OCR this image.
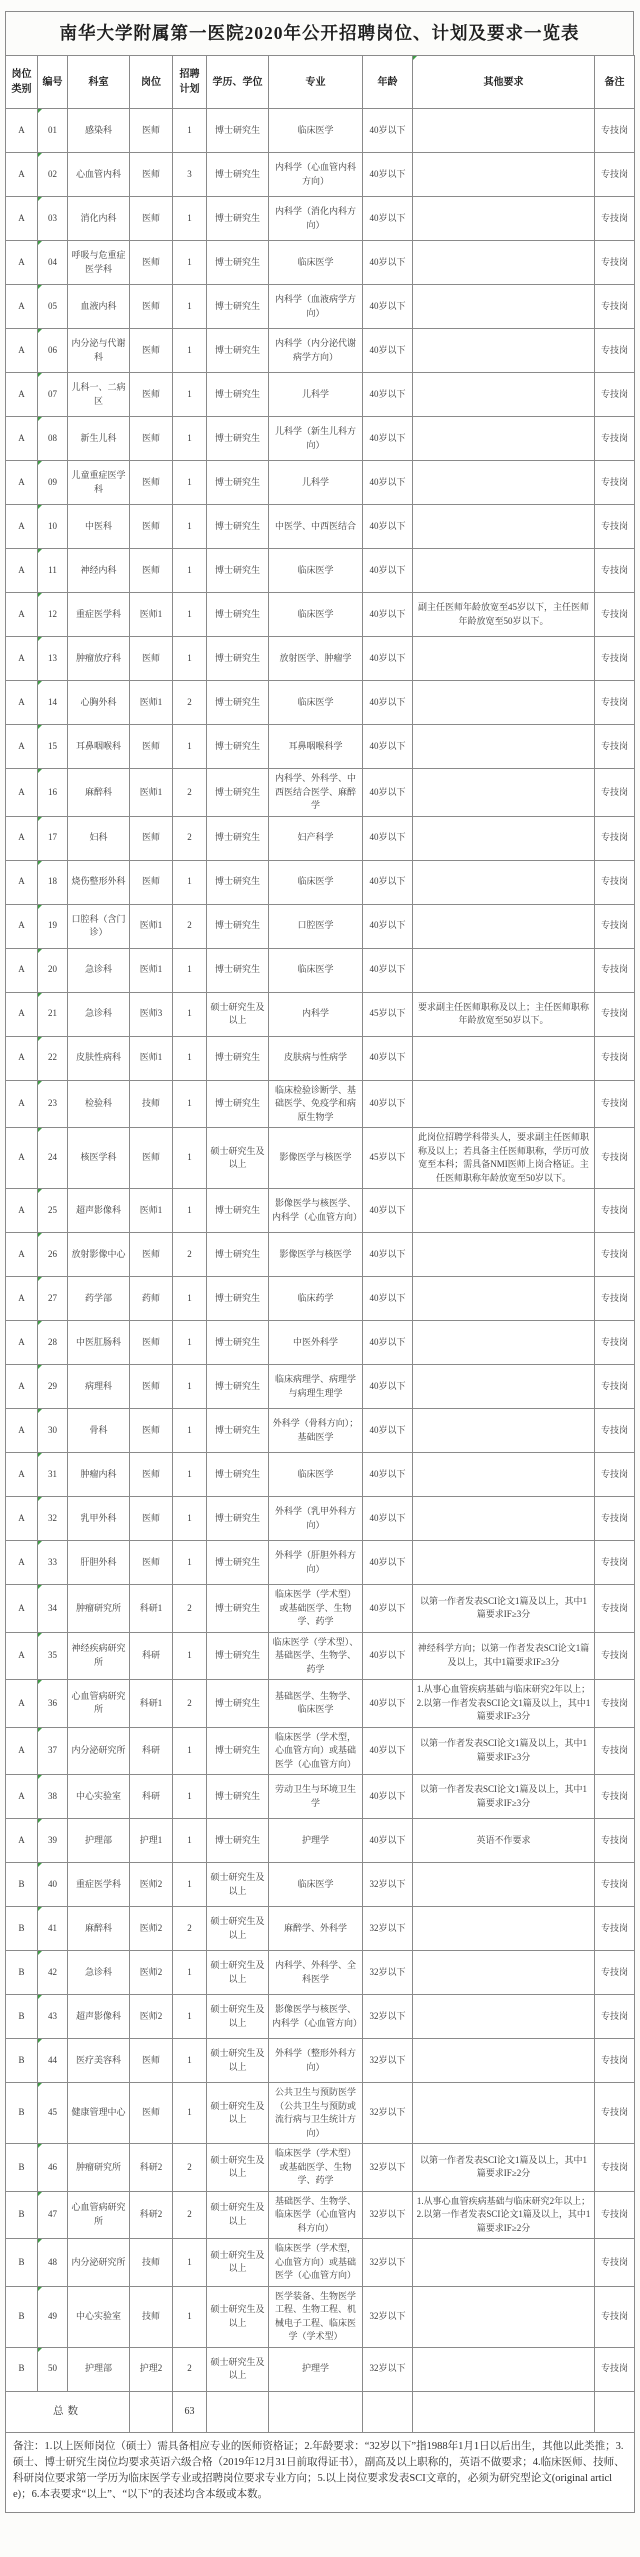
南华大学附属第一医院2020年公开招聘岗位、计划及要求一览表
岗位类别	编号	科室	岗位	招聘计划	学历、学位	专业	年龄	其他要求	备注
A	01	感染科	医师	1	博士研究生	临床医学	40岁以下		专技岗
A	02	心血管内科	医师	3	博士研究生	内科学（心血管内科方向）	40岁以下		专技岗
A	03	消化内科	医师	1	博士研究生	内科学（消化内科方向）	40岁以下		专技岗
A	04	呼吸与危重症医学科	医师	1	博士研究生	临床医学	40岁以下		专技岗
A	05	血液内科	医师	1	博士研究生	内科学（血液病学方向）	40岁以下		专技岗
A	06	内分泌与代谢科	医师	1	博士研究生	内科学（内分泌代谢病学方向）	40岁以下		专技岗
A	07	儿科一、二病区	医师	1	博士研究生	儿科学	40岁以下		专技岗
A	08	新生儿科	医师	1	博士研究生	儿科学（新生儿科方向）	40岁以下		专技岗
A	09	儿童重症医学科	医师	1	博士研究生	儿科学	40岁以下		专技岗
A	10	中医科	医师	1	博士研究生	中医学、中西医结合	40岁以下		专技岗
A	11	神经内科	医师	1	博士研究生	临床医学	40岁以下		专技岗
A	12	重症医学科	医师1	1	博士研究生	临床医学	40岁以下	副主任医师年龄放宽至45岁以下，主任医师年龄放宽至50岁以下。	专技岗
A	13	肿瘤放疗科	医师	1	博士研究生	放射医学、肿瘤学	40岁以下		专技岗
A	14	心胸外科	医师1	2	博士研究生	临床医学	40岁以下		专技岗
A	15	耳鼻咽喉科	医师	1	博士研究生	耳鼻咽喉科学	40岁以下		专技岗
A	16	麻醉科	医师1	2	博士研究生	内科学、外科学、中西医结合医学、麻醉学	40岁以下		专技岗
A	17	妇科	医师	2	博士研究生	妇产科学	40岁以下		专技岗
A	18	烧伤整形外科	医师	1	博士研究生	临床医学	40岁以下		专技岗
A	19	口腔科（含门诊）	医师1	2	博士研究生	口腔医学	40岁以下		专技岗
A	20	急诊科	医师1	1	博士研究生	临床医学	40岁以下		专技岗
A	21	急诊科	医师3	1	硕士研究生及以上	内科学	45岁以下	要求副主任医师职称及以上；主任医师职称年龄放宽至50岁以下。	专技岗
A	22	皮肤性病科	医师1	1	博士研究生	皮肤病与性病学	40岁以下		专技岗
A	23	检验科	技师	1	博士研究生	临床检验诊断学、基础医学、免疫学和病原生物学	40岁以下		专技岗
A	24	核医学科	医师	1	硕士研究生及以上	影像医学与核医学	45岁以下	此岗位招聘学科带头人，要求副主任医师职称及以上；若具备主任医师职称，学历可放宽至本科；需具备NMI医师上岗合格证。主任医师职称年龄放宽至50岁以下。	专技岗
A	25	超声影像科	医师1	1	博士研究生	影像医学与核医学、内科学（心血管方向）	40岁以下		专技岗
A	26	放射影像中心	医师	2	博士研究生	影像医学与核医学	40岁以下		专技岗
A	27	药学部	药师	1	博士研究生	临床药学	40岁以下		专技岗
A	28	中医肛肠科	医师	1	博士研究生	中医外科学	40岁以下		专技岗
A	29	病理科	医师	1	博士研究生	临床病理学、病理学与病理生理学	40岁以下		专技岗
A	30	骨科	医师	1	博士研究生	外科学（骨科方向）；基础医学	40岁以下		专技岗
A	31	肿瘤内科	医师	1	博士研究生	临床医学	40岁以下		专技岗
A	32	乳甲外科	医师	1	博士研究生	外科学（乳甲外科方向）	40岁以下		专技岗
A	33	肝胆外科	医师	1	博士研究生	外科学（肝胆外科方向）	40岁以下		专技岗
A	34	肿瘤研究所	科研1	2	博士研究生	临床医学（学术型）或基础医学、生物学、药学	40岁以下	以第一作者发表SCI论文1篇及以上，其中1篇要求IF≥3分	专技岗
A	35	神经疾病研究所	科研	1	博士研究生	临床医学（学术型）、基础医学、生物学、药学	40岁以下	神经科学方向；以第一作者发表SCI论文1篇及以上，其中1篇要求IF≥3分	专技岗
A	36	心血管病研究所	科研1	2	博士研究生	基础医学、生物学、临床医学	40岁以下	1.从事心血管疾病基础与临床研究2年以上；2.以第一作者发表SCI论文1篇及以上，其中1篇要求IF≥3分	专技岗
A	37	内分泌研究所	科研	1	博士研究生	临床医学（学术型，心血管方向）或基础医学（心血管方向）	40岁以下	以第一作者发表SCI论文1篇及以上，其中1篇要求IF≥3分	专技岗
A	38	中心实验室	科研	1	博士研究生	劳动卫生与环境卫生学	40岁以下	以第一作者发表SCI论文1篇及以上，其中1篇要求IF≥3分	专技岗
A	39	护理部	护理1	1	博士研究生	护理学	40岁以下	英语不作要求	专技岗
B	40	重症医学科	医师2	1	硕士研究生及以上	临床医学	32岁以下		专技岗
B	41	麻醉科	医师2	2	硕士研究生及以上	麻醉学、外科学	32岁以下		专技岗
B	42	急诊科	医师2	1	硕士研究生及以上	内科学、外科学、全科医学	32岁以下		专技岗
B	43	超声影像科	医师2	1	硕士研究生及以上	影像医学与核医学、内科学（心血管方向）	32岁以下		专技岗
B	44	医疗美容科	医师	1	硕士研究生及以上	外科学（整形外科方向）	32岁以下		专技岗
B	45	健康管理中心	医师	1	硕士研究生及以上	公共卫生与预防医学（公共卫生与预防或流行病与卫生统计方向）	32岁以下		专技岗
B	46	肿瘤研究所	科研2	2	硕士研究生及以上	临床医学（学术型）或基础医学、生物学、药学	32岁以下	以第一作者发表SCI论文1篇及以上，其中1篇要求IF≥2分	专技岗
B	47	心血管病研究所	科研2	2	硕士研究生及以上	基础医学、生物学、临床医学（心血管内科方向）	32岁以下	1.从事心血管疾病基础与临床研究2年以上；2.以第一作者发表SCI论文1篇及以上，其中1篇要求IF≥2分	专技岗
B	48	内分泌研究所	技师	1	硕士研究生及以上	临床医学（学术型，心血管方向）或基础医学（心血管方向）	32岁以下		专技岗
B	49	中心实验室	技师	1	硕士研究生及以上	医学装备、生物医学工程、生物工程、机械电子工程、临床医学（学术型）	32岁以下		专技岗
B	50	护理部	护理2	2	硕士研究生及以上	护理学	32岁以下		专技岗
总数				63					
备注：1.以上医师岗位（硕士）需具备相应专业的医师资格证；2.年龄要求：“32岁以下”指1988年1月1日以后出生，其他以此类推；3.硕士、博士研究生岗位均要求英语六级合格（2019年12月31日前取得证书），副高及以上职称的，英语不做要求；4.临床医师、技师、科研岗位要求第一学历为临床医学专业或招聘岗位要求专业方向；5.以上岗位要求发表SCI文章的，必须为研究型论文(original article)；6.本表要求“以上”、“以下”的表述均含本级或本数。									
